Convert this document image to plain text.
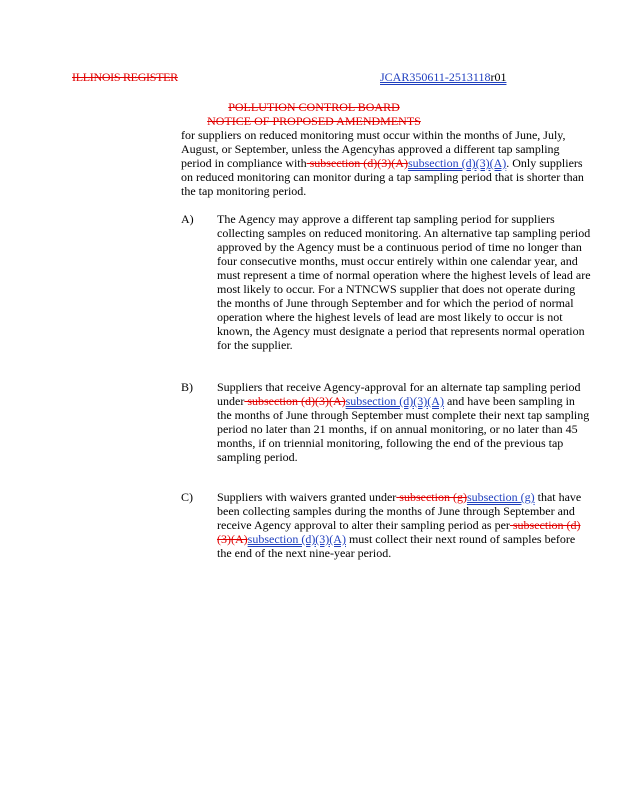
ILLINOIS REGISTER	JCAR350611-2513118r01
POLLUTION CONTROL BOARD
NOTICE OF PROPOSED AMENDMENTS
for suppliers on reduced monitoring must occur within the months of June, July, August, or September, unless the Agencyhas approved a different tap sampling period in compliance with subsection (d)(3)(A)subsection (d)(3)(A). Only suppliers on reduced monitoring can monitor during a tap sampling period that is shorter than the tap monitoring period.
A) The Agency may approve a different tap sampling period for suppliers collecting samples on reduced monitoring. An alternative tap sampling period approved by the Agency must be a continuous period of time no longer than four consecutive months, must occur entirely within one calendar year, and must represent a time of normal operation where the highest levels of lead are most likely to occur. For a NTNCWS supplier that does not operate during the months of June through September and for which the period of normal operation where the highest levels of lead are most likely to occur is not known, the Agency must designate a period that represents normal operation for the supplier.
B) Suppliers that receive Agency-approval for an alternate tap sampling period under subsection (d)(3)(A)subsection (d)(3)(A) and have been sampling in the months of June through September must complete their next tap sampling period no later than 21 months, if on annual monitoring, or no later than 45 months, if on triennial monitoring, following the end of the previous tap sampling period.
C) Suppliers with waivers granted under subsection (g)subsection (g) that have been collecting samples during the months of June through September and receive Agency approval to alter their sampling period as per subsection (d)(3)(A)subsection (d)(3)(A) must collect their next round of samples before the end of the next nine-year period.
